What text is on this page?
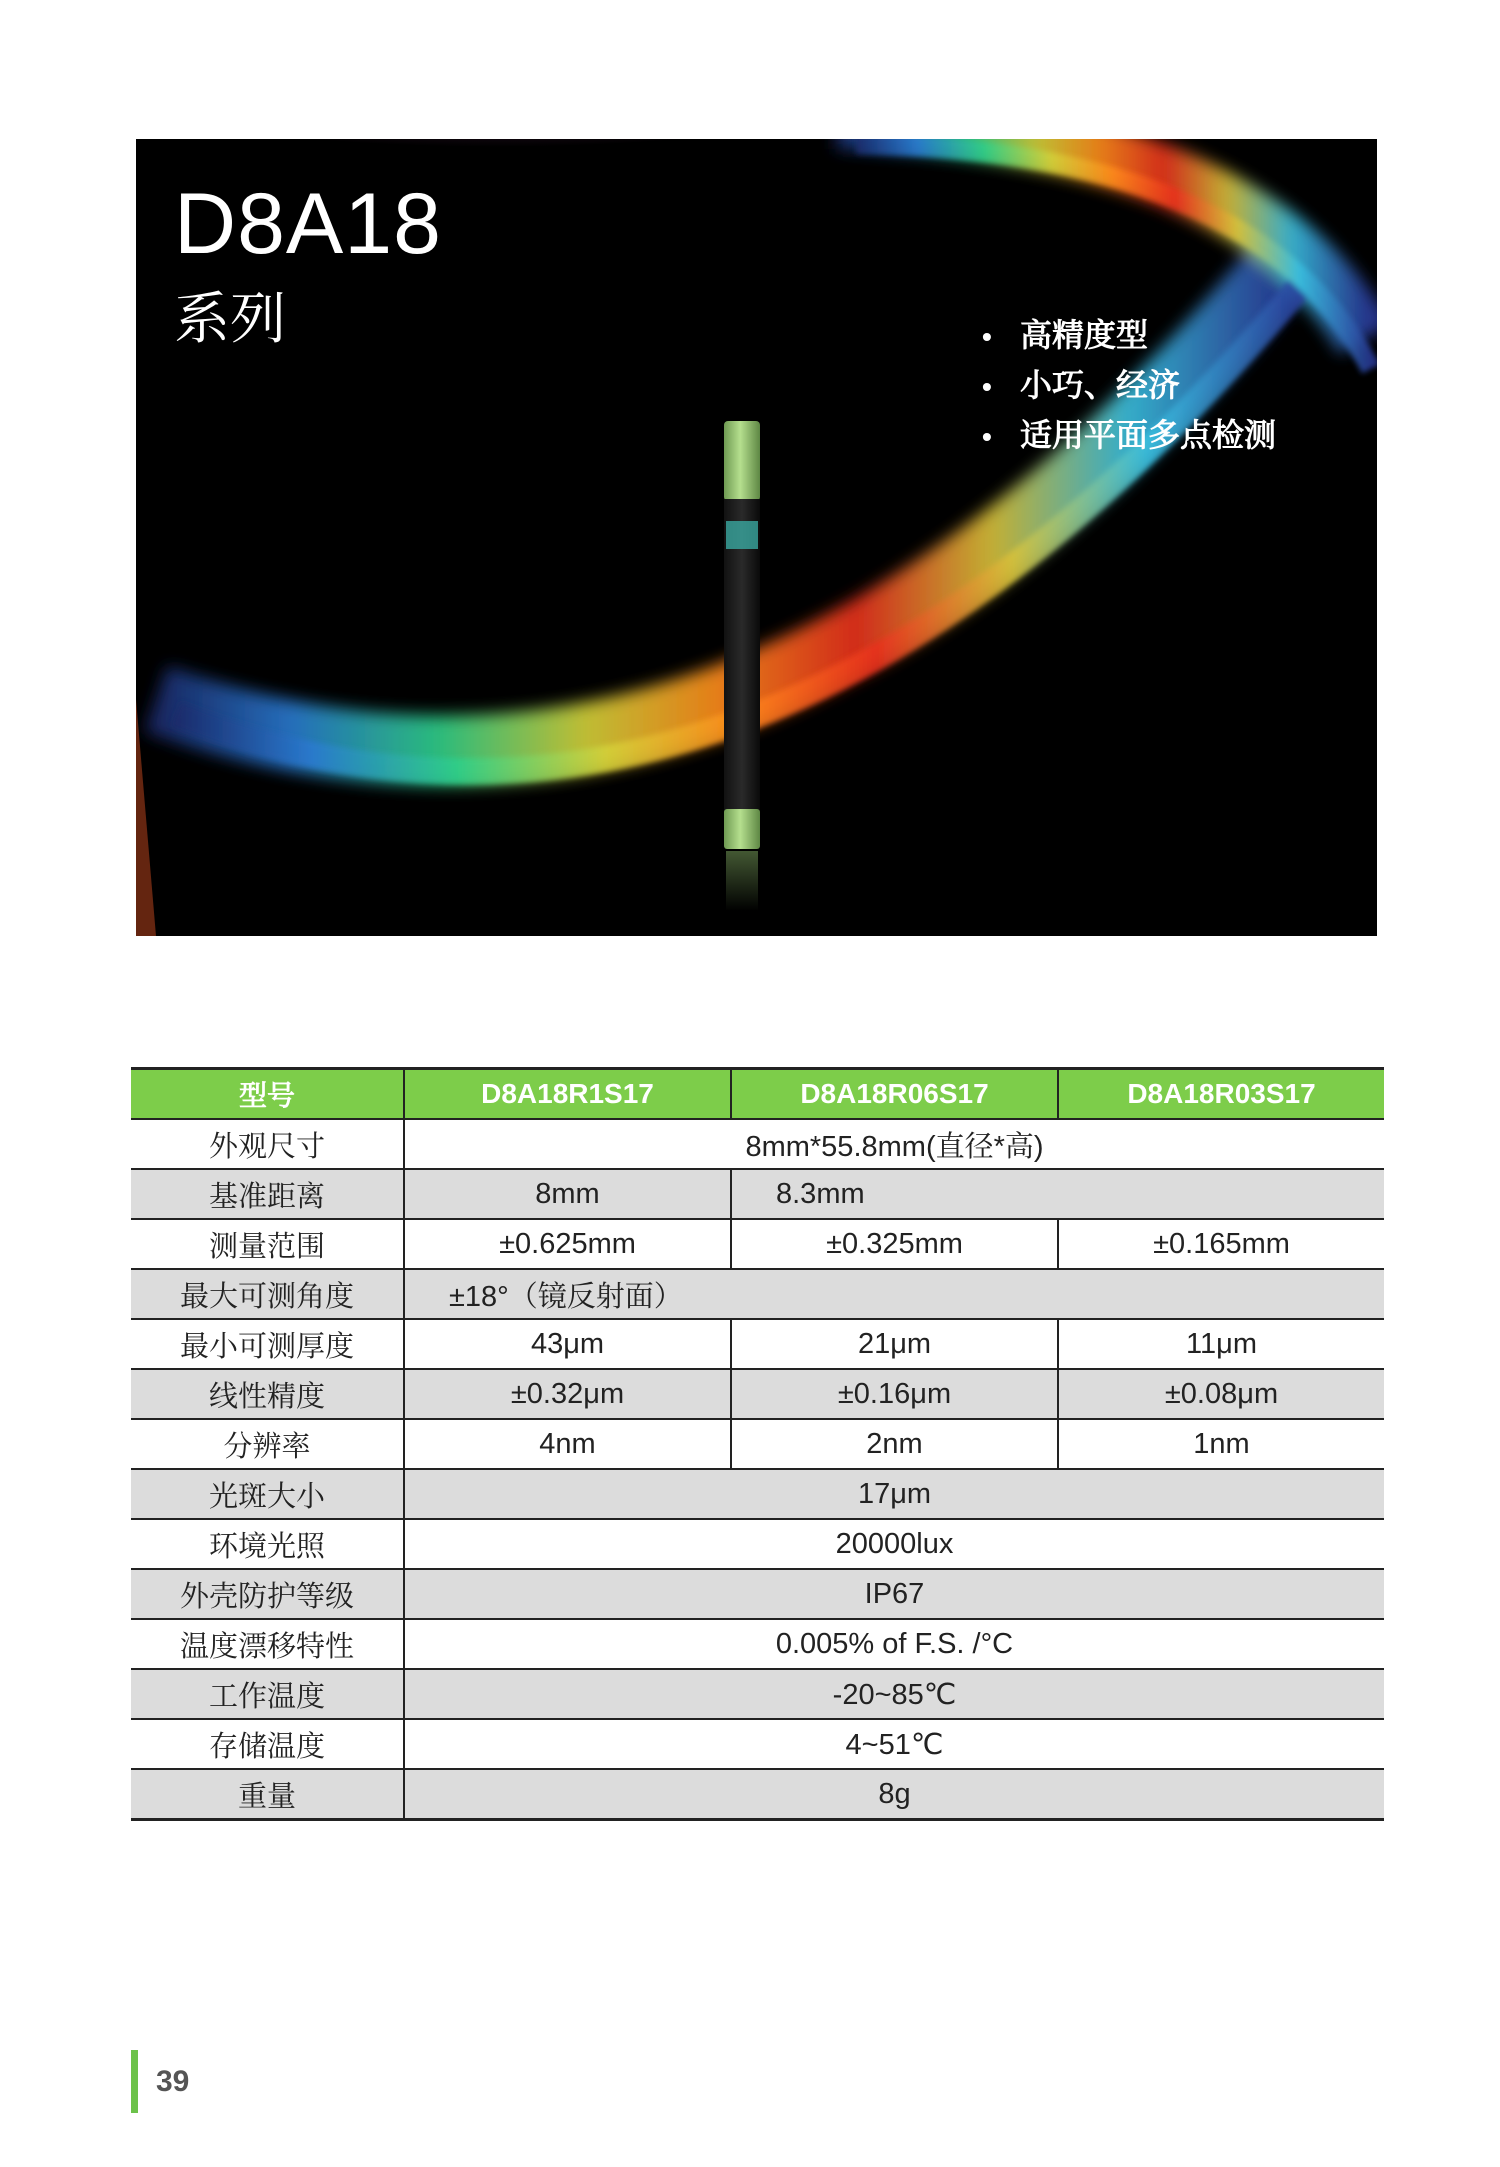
D8A18
系列	• 高精度型
• 小巧、经济
• 适用平面多点检测
型号	D8A18R1S17	D8A18R06S17	D8A18R03S17
外观尺寸	8mm*55.8mm(直径*高)		
基准距离	8mm	8.3mm	
测量范围	±0.625mm	±0.325mm	±0.165mm
最大可测角度	±18°（镜反射面）		
最小可测厚度	43μm	21μm	11μm
线性精度	±0.32μm	±0.16μm	±0.08μm
分辨率	4nm	2nm	1nm
光斑大小	17μm		
环境光照	20000lux		
外壳防护等级	IP67		
温度漂移特性	0.005% of F.S. /°C		
工作温度	-20~85℃		
存储温度	4~51℃		
重量	8g		
39
